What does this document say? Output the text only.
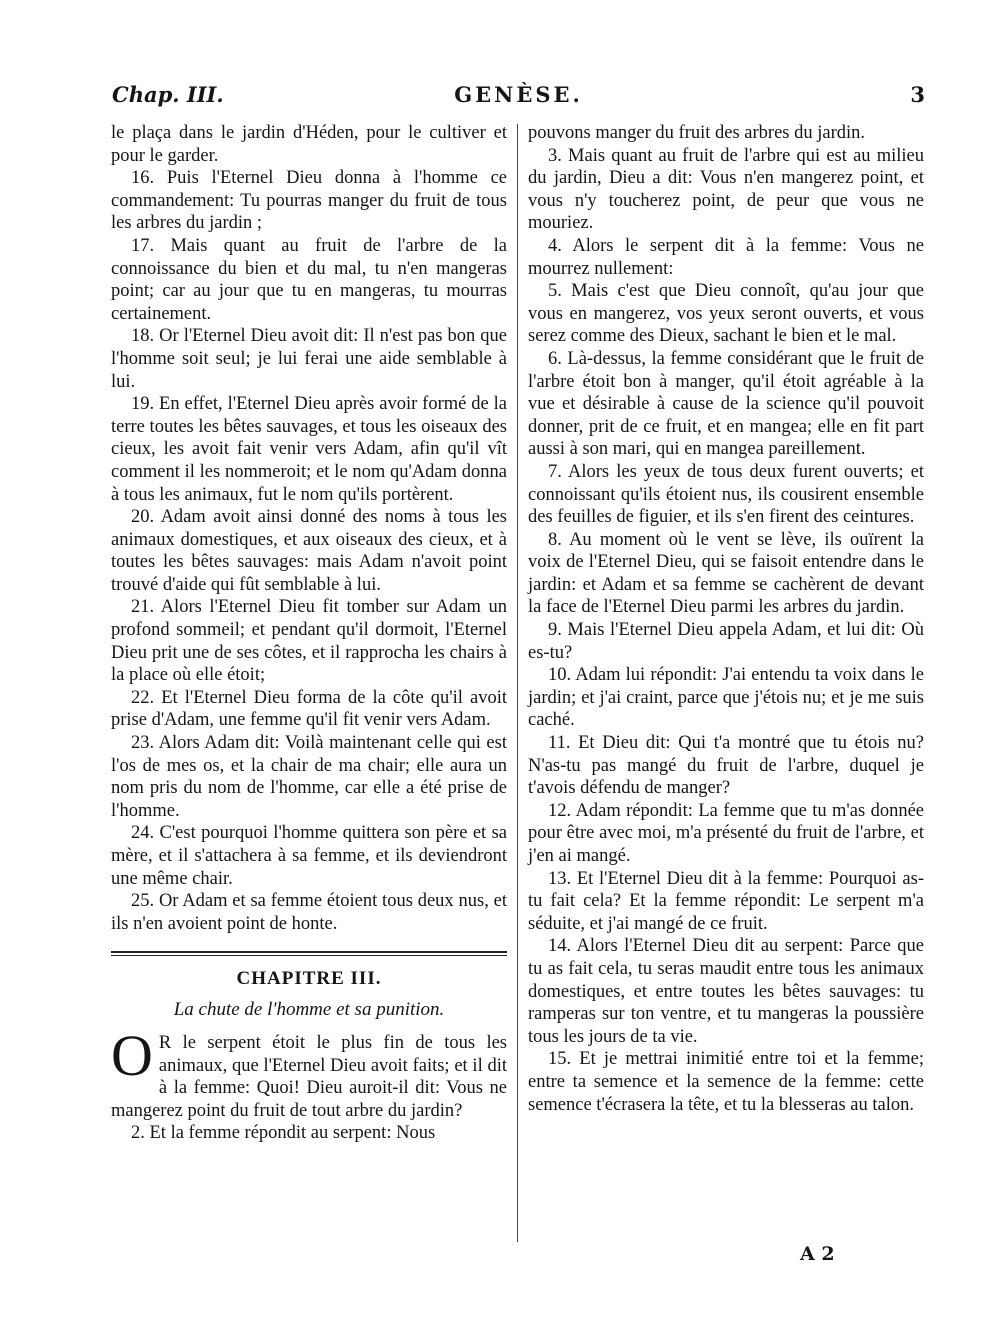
Chap. III.	GENÈSE.	3

le plaça dans le jardin d'Héden, pour le cultiver et pour le garder.

16. Puis l'Eternel Dieu donna à l'homme ce commandement: Tu pourras manger du fruit de tous les arbres du jardin ;

17. Mais quant au fruit de l'arbre de la connoissance du bien et du mal, tu n'en mangeras point; car au jour que tu en mangeras, tu mourras certainement.

18. Or l'Eternel Dieu avoit dit: Il n'est pas bon que l'homme soit seul; je lui ferai une aide semblable à lui.

19. En effet, l'Eternel Dieu après avoir formé de la terre toutes les bêtes sauvages, et tous les oiseaux des cieux, les avoit fait venir vers Adam, afin qu'il vît comment il les nommeroit; et le nom qu'Adam donna à tous les animaux, fut le nom qu'ils portèrent.

20. Adam avoit ainsi donné des noms à tous les animaux domestiques, et aux oiseaux des cieux, et à toutes les bêtes sauvages: mais Adam n'avoit point trouvé d'aide qui fût semblable à lui.

21. Alors l'Eternel Dieu fit tomber sur Adam un profond sommeil; et pendant qu'il dormoit, l'Eternel Dieu prit une de ses côtes, et il rapprocha les chairs à la place où elle étoit;

22. Et l'Eternel Dieu forma de la côte qu'il avoit prise d'Adam, une femme qu'il fit venir vers Adam.

23. Alors Adam dit: Voilà maintenant celle qui est l'os de mes os, et la chair de ma chair; elle aura un nom pris du nom de l'homme, car elle a été prise de l'homme.

24. C'est pourquoi l'homme quittera son père et sa mère, et il s'attachera à sa femme, et ils deviendront une même chair.

25. Or Adam et sa femme étoient tous deux nus, et ils n'en avoient point de honte.

CHAPITRE III.
La chute de l'homme et sa punition.

O R le serpent étoit le plus fin de tous les animaux, que l'Eternel Dieu avoit faits; et il dit à la femme: Quoi! Dieu auroit-il dit: Vous ne mangerez point du fruit de tout arbre du jardin?

2. Et la femme répondit au serpent: Nous

pouvons manger du fruit des arbres du jardin.

3. Mais quant au fruit de l'arbre qui est au milieu du jardin, Dieu a dit: Vous n'en mangerez point, et vous n'y toucherez point, de peur que vous ne mouriez.

4. Alors le serpent dit à la femme: Vous ne mourrez nullement:

5. Mais c'est que Dieu connoît, qu'au jour que vous en mangerez, vos yeux seront ouverts, et vous serez comme des Dieux, sachant le bien et le mal.

6. Là-dessus, la femme considérant que le fruit de l'arbre étoit bon à manger, qu'il étoit agréable à la vue et désirable à cause de la science qu'il pouvoit donner, prit de ce fruit, et en mangea; elle en fit part aussi à son mari, qui en mangea pareillement.

7. Alors les yeux de tous deux furent ouverts; et connoissant qu'ils étoient nus, ils cousirent ensemble des feuilles de figuier, et ils s'en firent des ceintures.

8. Au moment où le vent se lève, ils ouïrent la voix de l'Eternel Dieu, qui se faisoit entendre dans le jardin: et Adam et sa femme se cachèrent de devant la face de l'Eternel Dieu parmi les arbres du jardin.

9. Mais l'Eternel Dieu appela Adam, et lui dit: Où es-tu?

10. Adam lui répondit: J'ai entendu ta voix dans le jardin; et j'ai craint, parce que j'étois nu; et je me suis caché.

11. Et Dieu dit: Qui t'a montré que tu étois nu? N'as-tu pas mangé du fruit de l'arbre, duquel je t'avois défendu de manger?

12. Adam répondit: La femme que tu m'as donnée pour être avec moi, m'a présenté du fruit de l'arbre, et j'en ai mangé.

13. Et l'Eternel Dieu dit à la femme: Pourquoi as-tu fait cela? Et la femme répondit: Le serpent m'a séduite, et j'ai mangé de ce fruit.

14. Alors l'Eternel Dieu dit au serpent: Parce que tu as fait cela, tu seras maudit entre tous les animaux domestiques, et entre toutes les bêtes sauvages: tu ramperas sur ton ventre, et tu mangeras la poussière tous les jours de ta vie.

15. Et je mettrai inimitié entre toi et la femme; entre ta semence et la semence de la femme: cette semence t'écrasera la tête, et tu la blesseras au talon.

A 2
